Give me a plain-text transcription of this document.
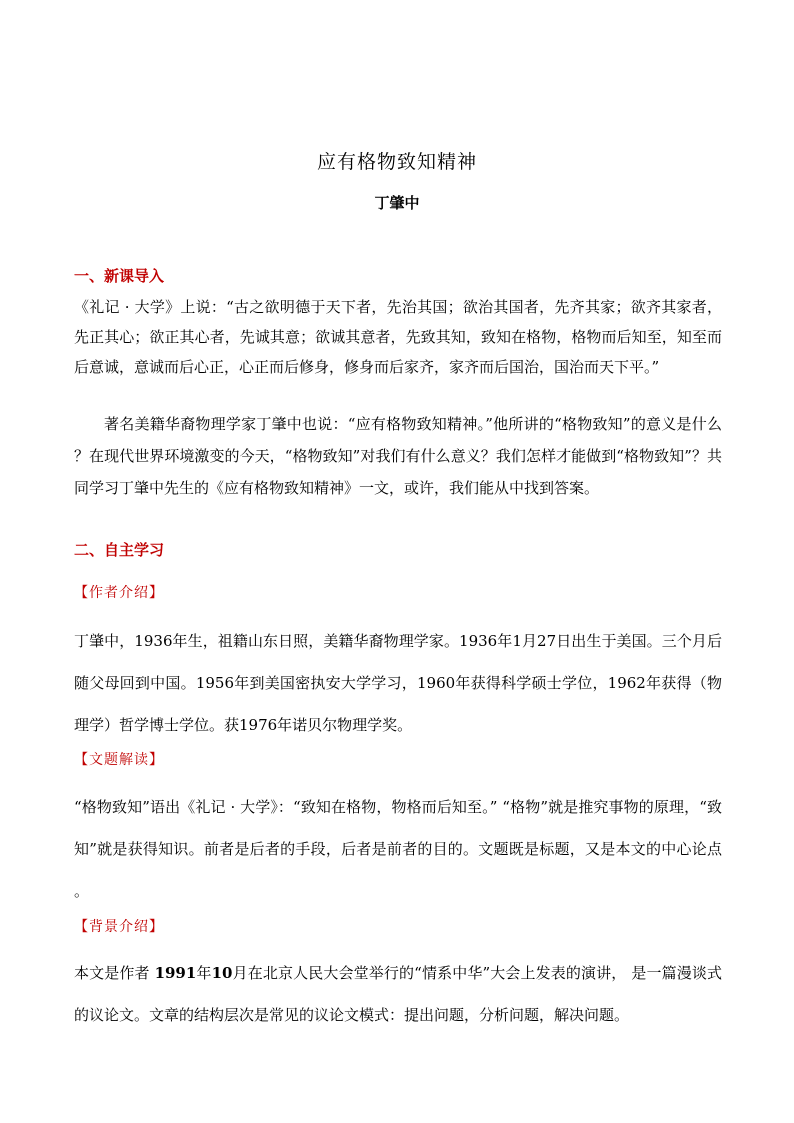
应有格物致知精神
丁肇中
一、新课导入
《礼记 · 大学》上说：“古之欲明德于天下者，先治其国；欲治其国者，先齐其家；欲齐其家者，先正其心；欲正其心者，先诚其意；欲诚其意者，先致其知，致知在格物，格物而后知至，知至而后意诚，意诚而后心正，心正而后修身，修身而后家齐，家齐而后国治，国治而天下平。”
著名美籍华裔物理学家丁肇中也说：“应有格物致知精神。”他所讲的“格物致知”的意义是什么？在现代世界环境激变的今天，“格物致知”对我们有什么意义？我们怎样才能做到“格物致知”？共同学习丁肇中先生的《应有格物致知精神》一文，或许，我们能从中找到答案。
二、自主学习
【作者介绍】
丁肇中，1936年生，祖籍山东日照，美籍华裔物理学家。1936年1月27日出生于美国。三个月后随父母回到中国。1956年到美国密执安大学学习，1960年获得科学硕士学位，1962年获得（物理学）哲学博士学位。获1976年诺贝尔物理学奖。
【文题解读】
“格物致知”语出《礼记 · 大学》：“致知在格物，物格而后知至。” “格物”就是推究事物的原理，“致知”就是获得知识。前者是后者的手段，后者是前者的目的。文题既是标题，又是本文的中心论点。
【背景介绍】
本文是作者 1991年10月在北京人民大会堂举行的“情系中华”大会上发表的演讲， 是一篇漫谈式的议论文。文章的结构层次是常见的议论文模式：提出问题，分析问题，解决问题。
